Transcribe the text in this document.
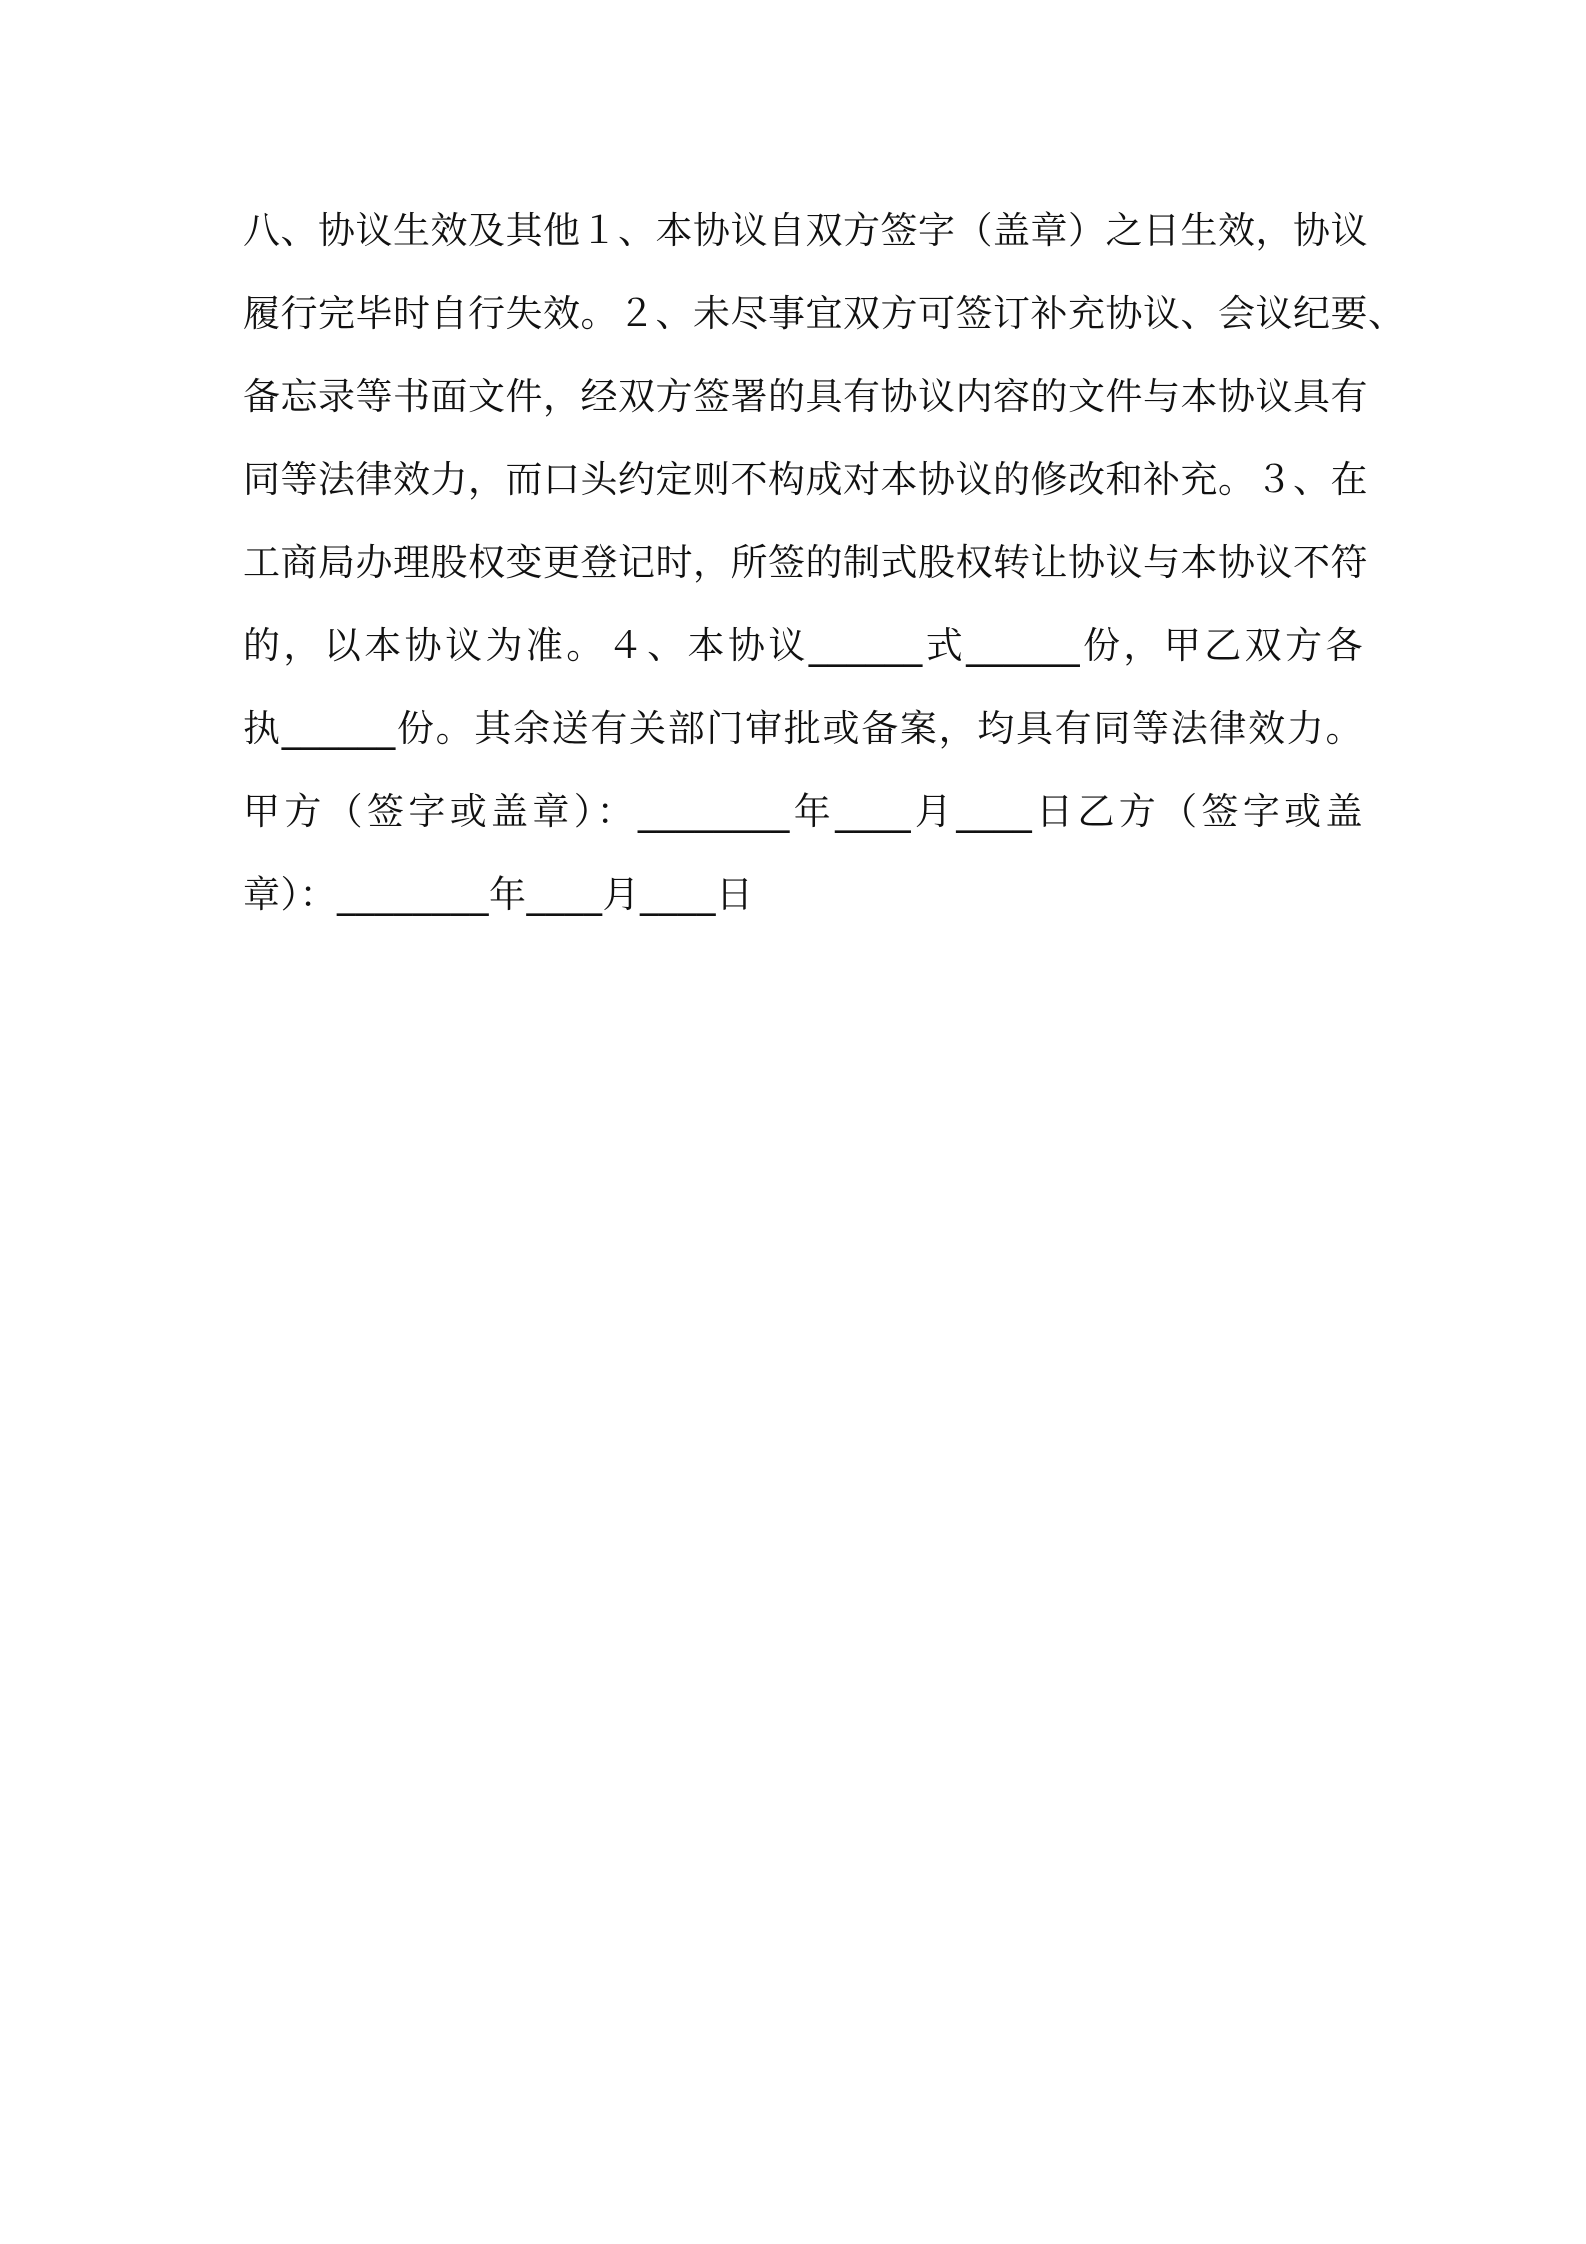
八、协议生效及其他１、本协议自双方签字（盖章）之日生效，协议
履行完毕时自行失效。２、未尽事宜双方可签订补充协议、会议纪要、
备忘录等书面文件，经双方签署的具有协议内容的文件与本协议具有
同等法律效力，而口头约定则不构成对本协议的修改和补充。３、在
工商局办理股权变更登记时，所签的制式股权转让协议与本协议不符
的，以本协议为准。４、本协议______式______份，甲乙双方各
执______份。其余送有关部门审批或备案，均具有同等法律效力。
甲方（签字或盖章）：________年____月____日乙方（签字或盖
章）：________年____月____日
